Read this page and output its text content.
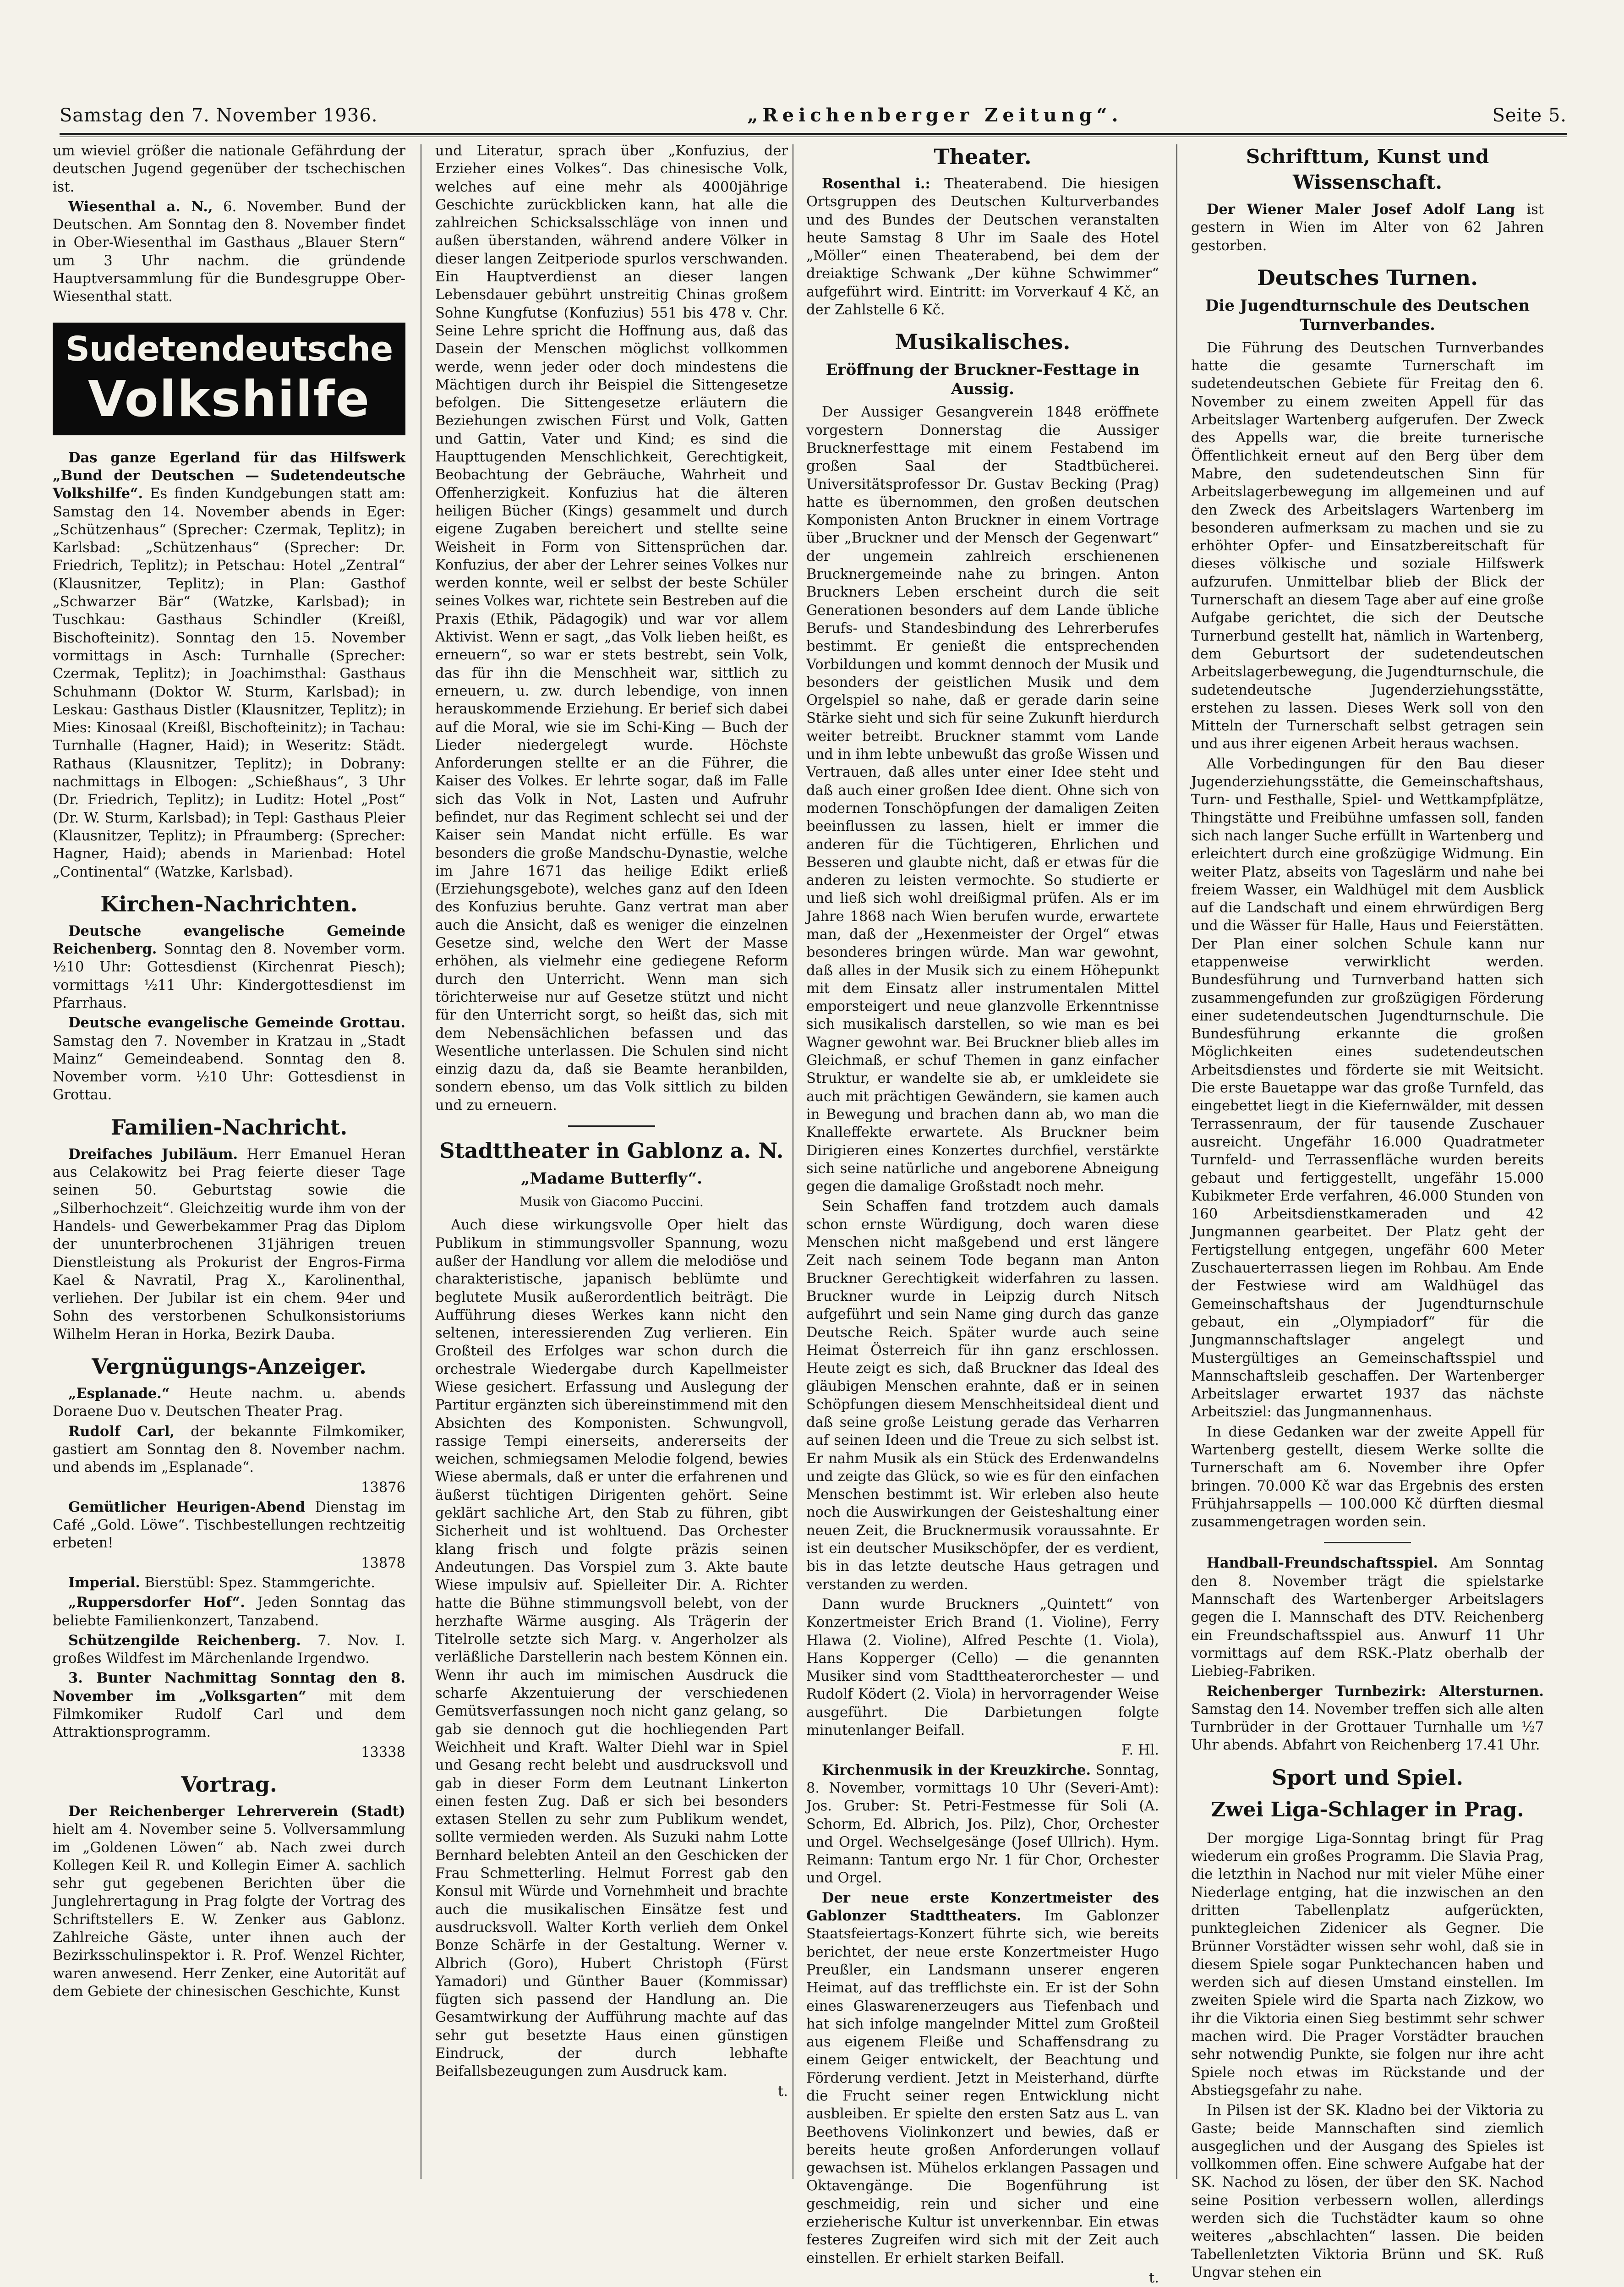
Samstag den 7. November 1936.	„Reichenberger Zeitung“.	Seite 5.

um wieviel größer die nationale Gefährdung der deutschen Jugend gegenüber der tschechischen ist.

Wiesenthal a. N., 6. November. Bund der Deutschen. Am Sonntag den 8. November findet in Ober-Wiesenthal im Gasthaus „Blauer Stern“ um 3 Uhr nachm. die gründende Hauptversammlung für die Bundesgruppe Ober-Wiesenthal statt.

Sudetendeutsche
Volkshilfe

Das ganze Egerland für das Hilfswerk „Bund der Deutschen — Sudetendeutsche Volkshilfe“. Es finden Kundgebungen statt am: Samstag den 14. November abends in Eger: „Schützenhaus“ (Sprecher: Czermak, Teplitz); in Karlsbad: „Schützenhaus“ (Sprecher: Dr. Friedrich, Teplitz); in Petschau: Hotel „Zentral“ (Klausnitzer, Teplitz); in Plan: Gasthof „Schwarzer Bär“ (Watzke, Karlsbad); in Tuschkau: Gasthaus Schindler (Kreißl, Bischofteinitz). Sonntag den 15. November vormittags in Asch: Turnhalle (Sprecher: Czermak, Teplitz); in Joachimsthal: Gasthaus Schuhmann (Doktor W. Sturm, Karlsbad); in Leskau: Gasthaus Distler (Klausnitzer, Teplitz); in Mies: Kinosaal (Kreißl, Bischofteinitz); in Tachau: Turnhalle (Hagner, Haid); in Weseritz: Städt. Rathaus (Klausnitzer, Teplitz); in Dobrany: nachmittags in Elbogen: „Schießhaus“, 3 Uhr (Dr. Friedrich, Teplitz); in Luditz: Hotel „Post“ (Dr. W. Sturm, Karlsbad); in Tepl: Gasthaus Pleier (Klausnitzer, Teplitz); in Pfraumberg: (Sprecher: Hagner, Haid); abends in Marienbad: Hotel „Continental“ (Watzke, Karlsbad).

Kirchen-Nachrichten.

Deutsche evangelische Gemeinde Reichenberg. Sonntag den 8. November vorm. ½10 Uhr: Gottesdienst (Kirchenrat Piesch); vormittags ½11 Uhr: Kindergottesdienst im Pfarrhaus.

Deutsche evangelische Gemeinde Grottau. Samstag den 7. November in Kratzau in „Stadt Mainz“ Gemeindeabend. Sonntag den 8. November vorm. ½10 Uhr: Gottesdienst in Grottau.

Familien-Nachricht.

Dreifaches Jubiläum. Herr Emanuel Heran aus Celakowitz bei Prag feierte dieser Tage seinen 50. Geburtstag sowie die „Silberhochzeit“. Gleichzeitig wurde ihm von der Handels- und Gewerbekammer Prag das Diplom der ununterbrochenen 31jährigen treuen Dienstleistung als Prokurist der Engros-Firma Kael & Navratil, Prag X., Karolinenthal, verliehen. Der Jubilar ist ein chem. 94er und Sohn des verstorbenen Schulkonsistoriums Wilhelm Heran in Horka, Bezirk Dauba.

Vergnügungs-Anzeiger.

„Esplanade.“ Heute nachm. u. abends Doraene Duo v. Deutschen Theater Prag.

Rudolf Carl, der bekannte Filmkomiker, gastiert am Sonntag den 8. November nachm. und abends im „Esplanade“.

13876

Gemütlicher Heurigen-Abend Dienstag im Café „Gold. Löwe“. Tischbestellungen rechtzeitig erbeten!

13878

Imperial. Bierstübl: Spez. Stammgerichte.

„Ruppersdorfer Hof“. Jeden Sonntag das beliebte Familienkonzert, Tanzabend.

Schützengilde Reichenberg. 7. Nov. I. großes Wildfest im Märchenlande Irgendwo.

3. Bunter Nachmittag Sonntag den 8. November im „Volksgarten“ mit dem Filmkomiker Rudolf Carl und dem Attraktionsprogramm.

13338

Vortrag.

Der Reichenberger Lehrerverein (Stadt) hielt am 4. November seine 5. Vollversammlung im „Goldenen Löwen“ ab. Nach zwei durch Kollegen Keil R. und Kollegin Eimer A. sachlich sehr gut gegebenen Berichten über die Junglehrertagung in Prag folgte der Vortrag des Schriftstellers E. W. Zenker aus Gablonz. Zahlreiche Gäste, unter ihnen auch der Bezirksschulinspektor i. R. Prof. Wenzel Richter, waren anwesend. Herr Zenker, eine Autorität auf dem Gebiete der chinesischen Geschichte, Kunst

und Literatur, sprach über „Konfuzius, der Erzieher eines Volkes“. Das chinesische Volk, welches auf eine mehr als 4000jährige Geschichte zurückblicken kann, hat alle die zahlreichen Schicksalsschläge von innen und außen überstanden, während andere Völker in dieser langen Zeitperiode spurlos verschwanden. Ein Hauptverdienst an dieser langen Lebensdauer gebührt unstreitig Chinas großem Sohne Kungfutse (Konfuzius) 551 bis 478 v. Chr. Seine Lehre spricht die Hoffnung aus, daß das Dasein der Menschen möglichst vollkommen werde, wenn jeder oder doch mindestens die Mächtigen durch ihr Beispiel die Sittengesetze befolgen. Die Sittengesetze erläutern die Beziehungen zwischen Fürst und Volk, Gatten und Gattin, Vater und Kind; es sind die Haupttugenden Menschlichkeit, Gerechtigkeit, Beobachtung der Gebräuche, Wahrheit und Offenherzigkeit. Konfuzius hat die älteren heiligen Bücher (Kings) gesammelt und durch eigene Zugaben bereichert und stellte seine Weisheit in Form von Sittensprüchen dar. Konfuzius, der aber der Lehrer seines Volkes nur werden konnte, weil er selbst der beste Schüler seines Volkes war, richtete sein Bestreben auf die Praxis (Ethik, Pädagogik) und war vor allem Aktivist. Wenn er sagt, „das Volk lieben heißt, es erneuern“, so war er stets bestrebt, sein Volk, das für ihn die Menschheit war, sittlich zu erneuern, u. zw. durch lebendige, von innen herauskommende Erziehung. Er berief sich dabei auf die Moral, wie sie im Schi-King — Buch der Lieder niedergelegt wurde. Höchste Anforderungen stellte er an die Führer, die Kaiser des Volkes. Er lehrte sogar, daß im Falle sich das Volk in Not, Lasten und Aufruhr befindet, nur das Regiment schlecht sei und der Kaiser sein Mandat nicht erfülle. Es war besonders die große Mandschu-Dynastie, welche im Jahre 1671 das heilige Edikt erließ (Erziehungsgebote), welches ganz auf den Ideen des Konfuzius beruhte. Ganz vertrat man aber auch die Ansicht, daß es weniger die einzelnen Gesetze sind, welche den Wert der Masse erhöhen, als vielmehr eine gediegene Reform durch den Unterricht. Wenn man sich törichterweise nur auf Gesetze stützt und nicht für den Unterricht sorgt, so heißt das, sich mit dem Nebensächlichen befassen und das Wesentliche unterlassen. Die Schulen sind nicht einzig dazu da, daß sie Beamte heranbilden, sondern ebenso, um das Volk sittlich zu bilden und zu erneuern.

Stadttheater in Gablonz a. N.
„Madame Butterfly“.

Musik von Giacomo Puccini.

Auch diese wirkungsvolle Oper hielt das Publikum in stimmungsvoller Spannung, wozu außer der Handlung vor allem die melodiöse und charakteristische, japanisch beblümte und beglutete Musik außerordentlich beiträgt. Die Aufführung dieses Werkes kann nicht den seltenen, interessierenden Zug verlieren. Ein Großteil des Erfolges war schon durch die orchestrale Wiedergabe durch Kapellmeister Wiese gesichert. Erfassung und Auslegung der Partitur ergänzten sich übereinstimmend mit den Absichten des Komponisten. Schwungvoll, rassige Tempi einerseits, andererseits der weichen, schmiegsamen Melodie folgend, bewies Wiese abermals, daß er unter die erfahrenen und äußerst tüchtigen Dirigenten gehört. Seine geklärt sachliche Art, den Stab zu führen, gibt Sicherheit und ist wohltuend. Das Orchester klang frisch und folgte präzis seinen Andeutungen. Das Vorspiel zum 3. Akte baute Wiese impulsiv auf. Spielleiter Dir. A. Richter hatte die Bühne stimmungsvoll belebt, von der herzhafte Wärme ausging. Als Trägerin der Titelrolle setzte sich Marg. v. Angerholzer als verläßliche Darstellerin nach bestem Können ein. Wenn ihr auch im mimischen Ausdruck die scharfe Akzentuierung der verschiedenen Gemütsverfassungen noch nicht ganz gelang, so gab sie dennoch gut die hochliegenden Part Weichheit und Kraft. Walter Diehl war in Spiel und Gesang recht belebt und ausdrucksvoll und gab in dieser Form dem Leutnant Linkerton einen festen Zug. Daß er sich bei besonders extasen Stellen zu sehr zum Publikum wendet, sollte vermieden werden. Als Suzuki nahm Lotte Bernhard belebten Anteil an den Geschicken der Frau Schmetterling. Helmut Forrest gab den Konsul mit Würde und Vornehmheit und brachte auch die musikalischen Einsätze fest und ausdrucksvoll. Walter Korth verlieh dem Onkel Bonze Schärfe in der Gestaltung. Werner v. Albrich (Goro), Hubert Christoph (Fürst Yamadori) und Günther Bauer (Kommissar) fügten sich passend der Handlung an. Die Gesamtwirkung der Aufführung machte auf das sehr gut besetzte Haus einen günstigen Eindruck, der durch lebhafte Beifallsbezeugungen zum Ausdruck kam.

t.

Theater.

Rosenthal i.: Theaterabend. Die hiesigen Ortsgruppen des Deutschen Kulturverbandes und des Bundes der Deutschen veranstalten heute Samstag 8 Uhr im Saale des Hotel „Möller“ einen Theaterabend, bei dem der dreiaktige Schwank „Der kühne Schwimmer“ aufgeführt wird. Eintritt: im Vorverkauf 4 Kč, an der Zahlstelle 6 Kč.

Musikalisches.
Eröffnung der Bruckner-Festtage in Aussig.

Der Aussiger Gesangverein 1848 eröffnete vorgestern Donnerstag die Aussiger Brucknerfesttage mit einem Festabend im großen Saal der Stadtbücherei. Universitätsprofessor Dr. Gustav Becking (Prag) hatte es übernommen, den großen deutschen Komponisten Anton Bruckner in einem Vortrage über „Bruckner und der Mensch der Gegenwart“ der ungemein zahlreich erschienenen Brucknergemeinde nahe zu bringen. Anton Bruckners Leben erscheint durch die seit Generationen besonders auf dem Lande übliche Berufs- und Standesbindung des Lehrerberufes bestimmt. Er genießt die entsprechenden Vorbildungen und kommt dennoch der Musik und besonders der geistlichen Musik und dem Orgelspiel so nahe, daß er gerade darin seine Stärke sieht und sich für seine Zukunft hierdurch weiter betreibt. Bruckner stammt vom Lande und in ihm lebte unbewußt das große Wissen und Vertrauen, daß alles unter einer Idee steht und daß auch einer großen Idee dient. Ohne sich von modernen Tonschöpfungen der damaligen Zeiten beeinflussen zu lassen, hielt er immer die anderen für die Tüchtigeren, Ehrlichen und Besseren und glaubte nicht, daß er etwas für die anderen zu leisten vermochte. So studierte er und ließ sich wohl dreißigmal prüfen. Als er im Jahre 1868 nach Wien berufen wurde, erwartete man, daß der „Hexenmeister der Orgel“ etwas besonderes bringen würde. Man war gewohnt, daß alles in der Musik sich zu einem Höhepunkt mit dem Einsatz aller instrumentalen Mittel emporsteigert und neue glanzvolle Erkenntnisse sich musikalisch darstellen, so wie man es bei Wagner gewohnt war. Bei Bruckner blieb alles im Gleichmaß, er schuf Themen in ganz einfacher Struktur, er wandelte sie ab, er umkleidete sie auch mit prächtigen Gewändern, sie kamen auch in Bewegung und brachen dann ab, wo man die Knalleffekte erwartete. Als Bruckner beim Dirigieren eines Konzertes durchfiel, verstärkte sich seine natürliche und angeborene Abneigung gegen die damalige Großstadt noch mehr.

Sein Schaffen fand trotzdem auch damals schon ernste Würdigung, doch waren diese Menschen nicht maßgebend und erst längere Zeit nach seinem Tode begann man Anton Bruckner Gerechtigkeit widerfahren zu lassen. Bruckner wurde in Leipzig durch Nitsch aufgeführt und sein Name ging durch das ganze Deutsche Reich. Später wurde auch seine Heimat Österreich für ihn ganz erschlossen. Heute zeigt es sich, daß Bruckner das Ideal des gläubigen Menschen erahnte, daß er in seinen Schöpfungen diesem Menschheitsideal dient und daß seine große Leistung gerade das Verharren auf seinen Ideen und die Treue zu sich selbst ist. Er nahm Musik als ein Stück des Erdenwandelns und zeigte das Glück, so wie es für den einfachen Menschen bestimmt ist. Wir erleben also heute noch die Auswirkungen der Geisteshaltung einer neuen Zeit, die Brucknermusik voraussahnte. Er ist ein deutscher Musikschöpfer, der es verdient, bis in das letzte deutsche Haus getragen und verstanden zu werden.

Dann wurde Bruckners „Quintett“ von Konzertmeister Erich Brand (1. Violine), Ferry Hlawa (2. Violine), Alfred Peschte (1. Viola), Hans Kopperger (Cello) — die genannten Musiker sind vom Stadttheaterorchester — und Rudolf Ködert (2. Viola) in hervorragender Weise ausgeführt. Die Darbietungen folgte minutenlanger Beifall.

F. Hl.

Kirchenmusik in der Kreuzkirche. Sonntag, 8. November, vormittags 10 Uhr (Severi-Amt): Jos. Gruber: St. Petri-Festmesse für Soli (A. Schorm, Ed. Albrich, Jos. Pilz), Chor, Orchester und Orgel. Wechselgesänge (Josef Ullrich). Hym. Reimann: Tantum ergo Nr. 1 für Chor, Orchester und Orgel.

Der neue erste Konzertmeister des Gablonzer Stadttheaters. Im Gablonzer Staatsfeiertags-Konzert führte sich, wie bereits berichtet, der neue erste Konzertmeister Hugo Preußler, ein Landsmann unserer engeren Heimat, auf das trefflichste ein. Er ist der Sohn eines Glaswarenerzeugers aus Tiefenbach und hat sich infolge mangelnder Mittel zum Großteil aus eigenem Fleiße und Schaffensdrang zu einem Geiger entwickelt, der Beachtung und Förderung verdient. Jetzt in Meisterhand, dürfte die Frucht seiner regen Entwicklung nicht ausbleiben. Er spielte den ersten Satz aus L. van Beethovens Violinkonzert und bewies, daß er bereits heute großen Anforderungen vollauf gewachsen ist. Mühelos erklangen Passagen und Oktavengänge. Die Bogenführung ist geschmeidig, rein und sicher und eine erzieherische Kultur ist unverkennbar. Ein etwas festeres Zugreifen wird sich mit der Zeit auch einstellen. Er erhielt starken Beifall.

t.

Schrifttum, Kunst und Wissenschaft.

Der Wiener Maler Josef Adolf Lang ist gestern in Wien im Alter von 62 Jahren gestorben.

Deutsches Turnen.
Die Jugendturnschule des Deutschen Turnverbandes.

Die Führung des Deutschen Turnverbandes hatte die gesamte Turnerschaft im sudetendeutschen Gebiete für Freitag den 6. November zu einem zweiten Appell für das Arbeitslager Wartenberg aufgerufen. Der Zweck des Appells war, die breite turnerische Öffentlichkeit erneut auf den Berg über dem Mabre, den sudetendeutschen Sinn für Arbeitslagerbewegung im allgemeinen und auf den Zweck des Arbeitslagers Wartenberg im besonderen aufmerksam zu machen und sie zu erhöhter Opfer- und Einsatzbereitschaft für dieses völkische und soziale Hilfswerk aufzurufen. Unmittelbar blieb der Blick der Turnerschaft an diesem Tage aber auf eine große Aufgabe gerichtet, die sich der Deutsche Turnerbund gestellt hat, nämlich in Wartenberg, dem Geburtsort der sudetendeutschen Arbeitslagerbewegung, die Jugendturnschule, die sudetendeutsche Jugenderziehungsstätte, erstehen zu lassen. Dieses Werk soll von den Mitteln der Turnerschaft selbst getragen sein und aus ihrer eigenen Arbeit heraus wachsen.

Alle Vorbedingungen für den Bau dieser Jugenderziehungsstätte, die Gemeinschaftshaus, Turn- und Festhalle, Spiel- und Wettkampfplätze, Thingstätte und Freibühne umfassen soll, fanden sich nach langer Suche erfüllt in Wartenberg und erleichtert durch eine großzügige Widmung. Ein weiter Platz, abseits von Tageslärm und nahe bei freiem Wasser, ein Waldhügel mit dem Ausblick auf die Landschaft und einem ehrwürdigen Berg und die Wässer für Halle, Haus und Feierstätten. Der Plan einer solchen Schule kann nur etappenweise verwirklicht werden. Bundesführung und Turnverband hatten sich zusammengefunden zur großzügigen Förderung einer sudetendeutschen Jugendturnschule. Die Bundesführung erkannte die großen Möglichkeiten eines sudetendeutschen Arbeitsdienstes und förderte sie mit Weitsicht. Die erste Bauetappe war das große Turnfeld, das eingebettet liegt in die Kiefernwälder, mit dessen Terrassenraum, der für tausende Zuschauer ausreicht. Ungefähr 16.000 Quadratmeter Turnfeld- und Terrassenfläche wurden bereits gebaut und fertiggestellt, ungefähr 15.000 Kubikmeter Erde verfahren, 46.000 Stunden von 160 Arbeitsdienstkameraden und 42 Jungmannen gearbeitet. Der Platz geht der Fertigstellung entgegen, ungefähr 600 Meter Zuschauerterrassen liegen im Rohbau. Am Ende der Festwiese wird am Waldhügel das Gemeinschaftshaus der Jugendturnschule gebaut, ein „Olympiadorf“ für die Jungmannschaftslager angelegt und Mustergültiges an Gemeinschaftsspiel und Mannschaftsleib geschaffen. Der Wartenberger Arbeitslager erwartet 1937 das nächste Arbeitsziel: das Jungmannenhaus.

In diese Gedanken war der zweite Appell für Wartenberg gestellt, diesem Werke sollte die Turnerschaft am 6. November ihre Opfer bringen. 70.000 Kč war das Ergebnis des ersten Frühjahrsappells — 100.000 Kč dürften diesmal zusammengetragen worden sein.

Handball-Freundschaftsspiel. Am Sonntag den 8. November trägt die spielstarke Mannschaft des Wartenberger Arbeitslagers gegen die I. Mannschaft des DTV. Reichenberg ein Freundschaftsspiel aus. Anwurf 11 Uhr vormittags auf dem RSK.-Platz oberhalb der Liebieg-Fabriken.

Reichenberger Turnbezirk: Altersturnen. Samstag den 14. November treffen sich alle alten Turnbrüder in der Grottauer Turnhalle um ½7 Uhr abends. Abfahrt von Reichenberg 17.41 Uhr.

Sport und Spiel.
Zwei Liga-Schlager in Prag.

Der morgige Liga-Sonntag bringt für Prag wiederum ein großes Programm. Die Slavia Prag, die letzthin in Nachod nur mit vieler Mühe einer Niederlage entging, hat die inzwischen an den dritten Tabellenplatz aufgerückten, punktegleichen Zidenicer als Gegner. Die Brünner Vorstädter wissen sehr wohl, daß sie in diesem Spiele sogar Punktechancen haben und werden sich auf diesen Umstand einstellen. Im zweiten Spiele wird die Sparta nach Zizkow, wo ihr die Viktoria einen Sieg bestimmt sehr schwer machen wird. Die Prager Vorstädter brauchen sehr notwendig Punkte, sie folgen nur ihre acht Spiele noch etwas im Rückstande und der Abstiegsgefahr zu nahe.

In Pilsen ist der SK. Kladno bei der Viktoria zu Gaste; beide Mannschaften sind ziemlich ausgeglichen und der Ausgang des Spieles ist vollkommen offen. Eine schwere Aufgabe hat der SK. Nachod zu lösen, der über den SK. Nachod seine Position verbessern wollen, allerdings werden sich die Tuchstädter kaum so ohne weiteres „abschlachten“ lassen. Die beiden Tabellenletzten Viktoria Brünn und SK. Ruß Ungvar stehen ein
